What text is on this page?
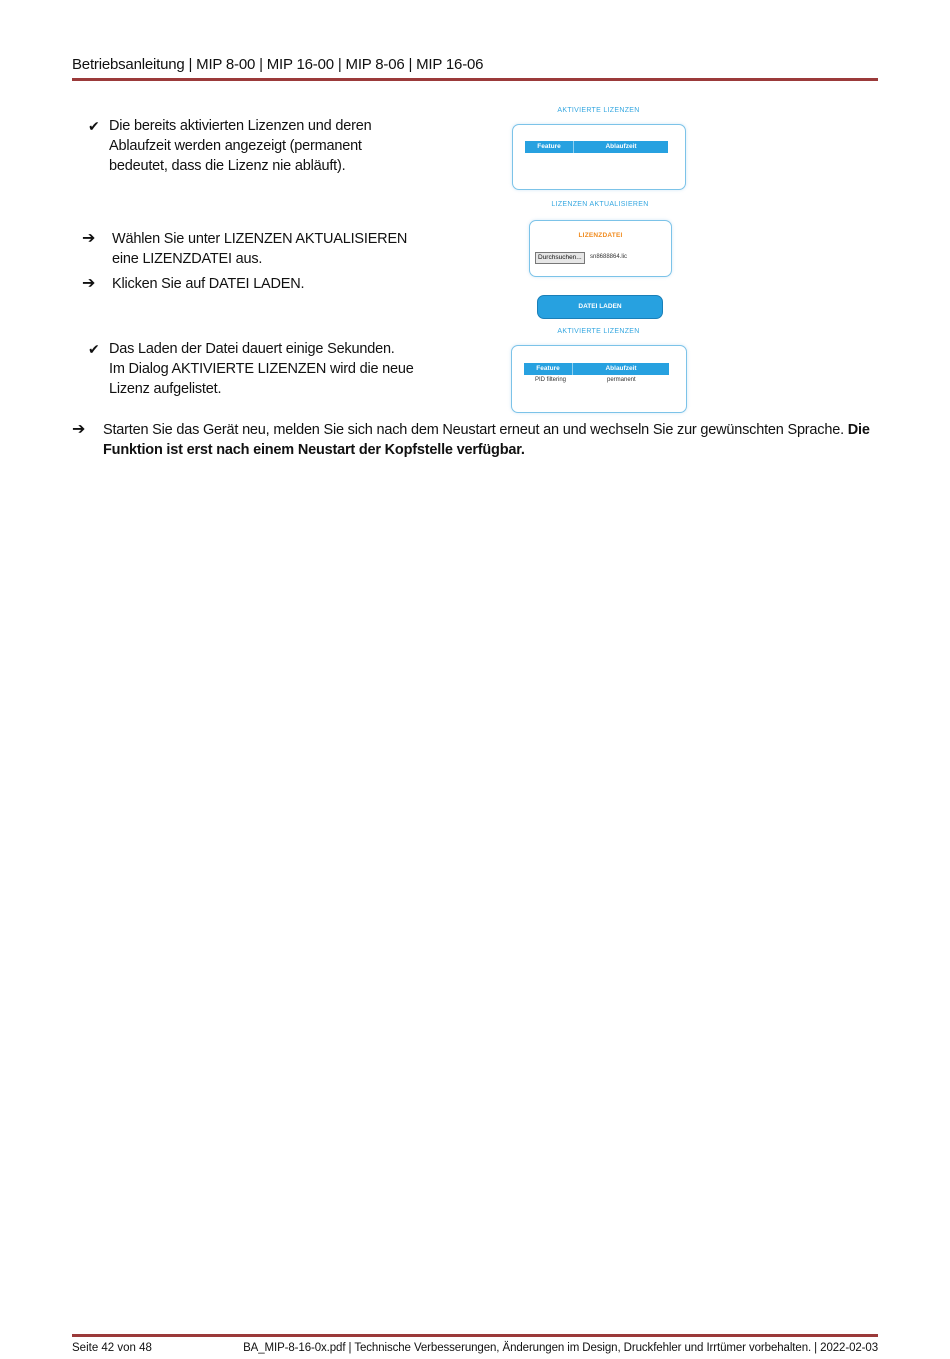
Betriebsanleitung | MIP 8-00 | MIP 16-00 | MIP 8-06 | MIP 16-06
✔ Die bereits aktivierten Lizenzen und deren
Ablaufzeit werden angezeigt (permanent
bedeutet, dass die Lizenz nie abläuft).
➔	Wählen Sie unter LIZENZEN AKTUALISIEREN
eine LIZENZDATEI aus.
➔	Klicken Sie auf DATEI LADEN.
✔ Das Laden der Datei dauert einige Sekunden.
Im Dialog AKTIVIERTE LIZENZEN wird die neue
Lizenz aufgelistet.
➔	Starten Sie das Gerät neu, melden Sie sich nach dem Neustart erneut an und wechseln Sie zur gewünschten Sprache. Die
Funktion ist erst nach einem Neustart der Kopfstelle verfügbar.
AKTIVIERTE LIZENZEN
Feature	Ablaufzeit
LIZENZEN AKTUALISIEREN
LIZENZDATEI
Durchsuchen...	sn8688864.lic
DATEI LADEN
AKTIVIERTE LIZENZEN
Feature	Ablaufzeit
PID filtering	permanent
Seite 42 von 48	BA_MIP-8-16-0x.pdf | Technische Verbesserungen, Änderungen im Design, Druckfehler und Irrtümer vorbehalten. | 2022-02-03
